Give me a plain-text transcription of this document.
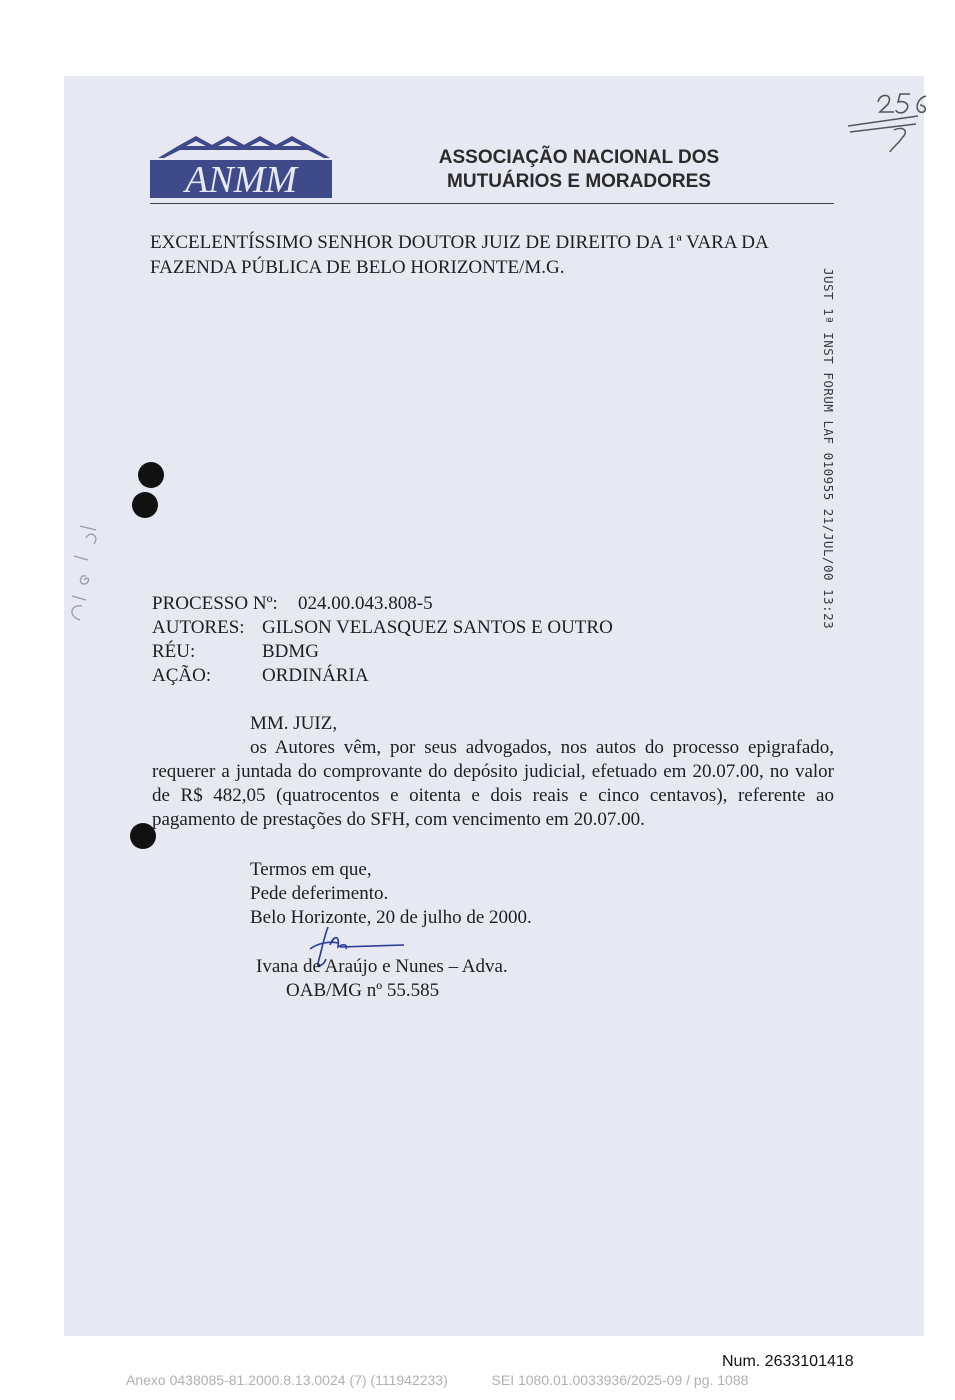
ANMM
ASSOCIAÇÃO NACIONAL DOS
MUTUÁRIOS E MORADORES
EXCELENTÍSSIMO SENHOR DOUTOR JUIZ DE DIREITO DA 1ª VARA DA
FAZENDA PÚBLICA DE BELO HORIZONTE/M.G.
JUST 1ª INST FORUM LAF 010955 21/JUL/00 13:23
PROCESSO Nº: 024.00.043.808-5
AUTORES: GILSON VELASQUEZ SANTOS E OUTRO
RÉU:	BDMG
AÇÃO:	ORDINÁRIA
MM. JUIZ,
os Autores vêm, por seus advogados, nos autos do processo epigrafado, requerer a juntada do comprovante do depósito judicial, efetuado em 20.07.00, no valor de R$ 482,05 (quatrocentos e oitenta e dois reais e cinco centavos), referente ao pagamento de prestações do SFH, com vencimento em 20.07.00.
Termos em que,
Pede deferimento.
Belo Horizonte, 20 de julho de 2000.
Ivana de Araújo e Nunes – Adva.
OAB/MG nº 55.585
Num. 2633101418
Anexo 0438085-81.2000.8.13.0024 (7) (111942233)	SEI 1080.01.0033936/2025-09 / pg. 1088
